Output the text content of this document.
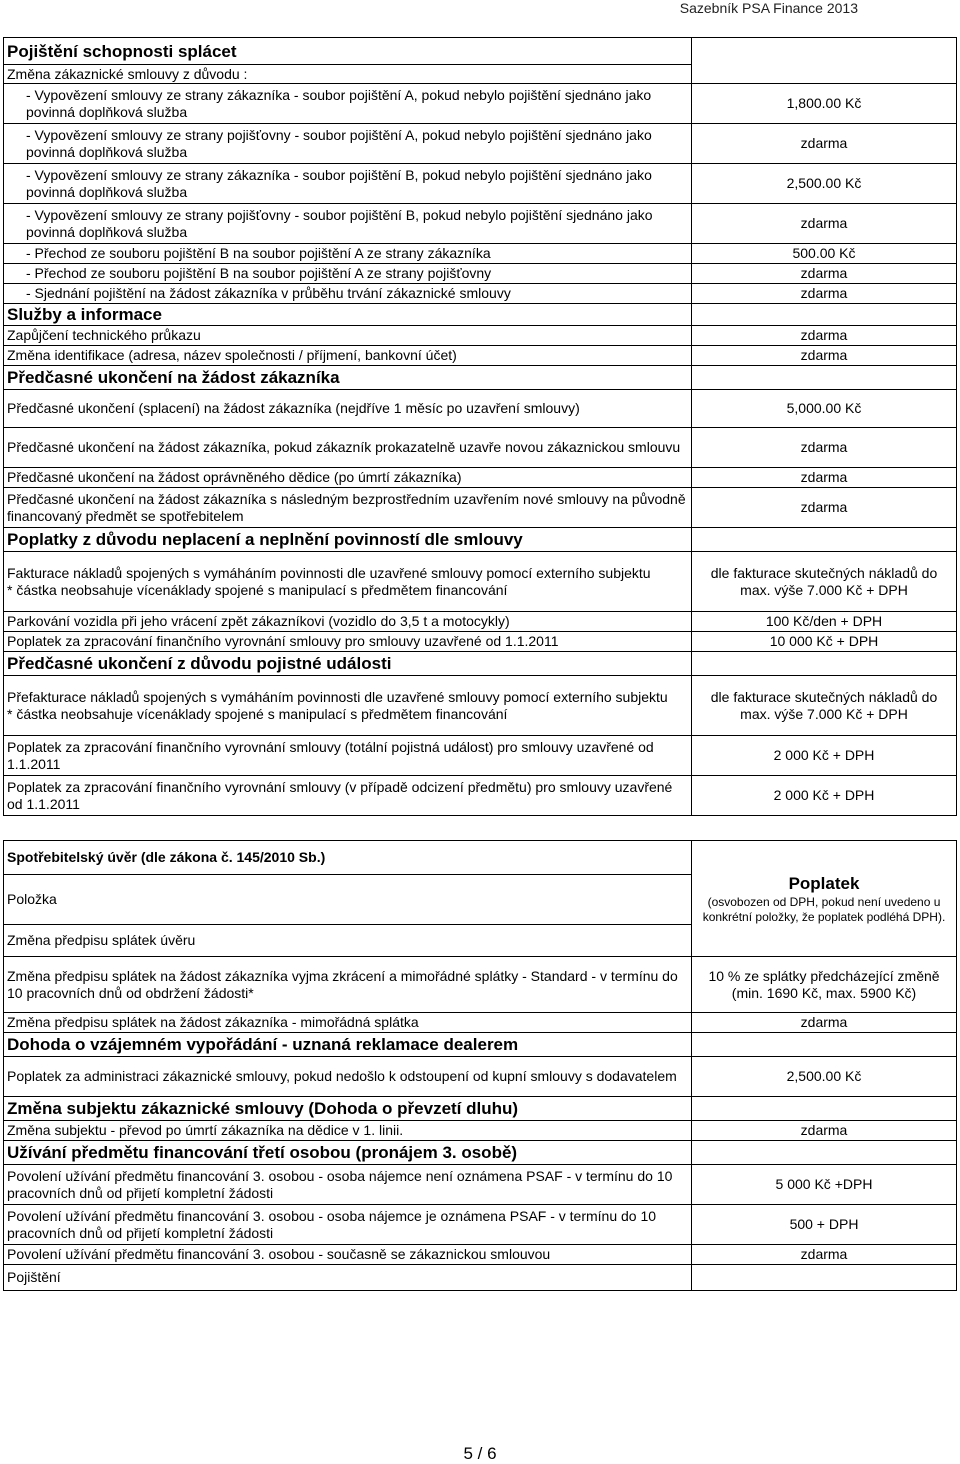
Sazebník PSA Finance 2013
Pojištění schopnosti splácet	
Změna zákaznické smlouvy z důvodu :	
- Vypovězení smlouvy ze strany zákazníka - soubor pojištění A, pokud nebylo pojištění sjednáno jako povinná doplňková služba	1,800.00 Kč
- Vypovězení smlouvy ze strany pojišťovny - soubor pojištění A, pokud nebylo pojištění sjednáno jako povinná doplňková služba	zdarma
- Vypovězení smlouvy ze strany zákazníka - soubor pojištění B, pokud nebylo pojištění sjednáno jako povinná doplňková služba	2,500.00 Kč
- Vypovězení smlouvy ze strany pojišťovny - soubor pojištění B, pokud nebylo pojištění sjednáno jako povinná doplňková služba	zdarma
- Přechod ze souboru pojištění B na soubor pojištění A ze strany zákazníka	500.00 Kč
- Přechod ze souboru pojištění B na soubor pojištění A ze strany pojišťovny	zdarma
- Sjednání pojištění na žádost zákazníka v průběhu trvání zákaznické smlouvy	zdarma
Služby a informace	
Zapůjčení technického průkazu	zdarma
Změna identifikace (adresa, název společnosti / příjmení, bankovní účet)	zdarma
Předčasné ukončení na žádost zákazníka	
Předčasné ukončení (splacení) na žádost zákazníka (nejdříve 1 měsíc po uzavření smlouvy)	5,000.00 Kč
Předčasné ukončení na žádost zákazníka, pokud zákazník prokazatelně uzavře novou zákaznickou smlouvu	zdarma
Předčasné ukončení na žádost oprávněného dědice (po úmrtí zákazníka)	zdarma
Předčasné ukončení na žádost zákazníka s následným bezprostředním uzavřením nové smlouvy na původně financovaný předmět se spotřebitelem	zdarma
Poplatky z důvodu neplacení a neplnění povinností dle smlouvy	

Fakturace nákladů spojených s vymáháním povinnosti dle uzavřené smlouvy pomocí externího subjektu
* částka neobsahuje vícenáklady spojené s manipulací s předmětem financování	dle fakturace skutečných nákladů do max. výše 7.000 Kč + DPH
Parkování vozidla při jeho vrácení zpět zákazníkovi (vozidlo do 3,5 t a motocykly)	100 Kč/den + DPH
Poplatek za zpracování finančního vyrovnání smlouvy pro smlouvy uzavřené od 1.1.2011	10 000 Kč + DPH
Předčasné ukončení z důvodu pojistné události	

Přefakturace nákladů spojených s vymáháním povinnosti dle uzavřené smlouvy pomocí externího subjektu
* částka neobsahuje vícenáklady spojené s manipulací s předmětem financování	dle fakturace skutečných nákladů do max. výše 7.000 Kč + DPH
Poplatek za zpracování finančního vyrovnání smlouvy (totální pojistná událost) pro smlouvy uzavřené od 1.1.2011	2 000 Kč + DPH
Poplatek za zpracování finančního vyrovnání smlouvy (v případě odcizení předmětu) pro smlouvy uzavřené od 1.1.2011	2 000 Kč + DPH
Spotřebitelský úvěr (dle zákona č. 145/2010 Sb.)	Poplatek
(osvobozen od DPH, pokud není uvedeno u konkrétní položky, že poplatek podléhá DPH).

Položka	
Změna předpisu splátek úvěru	
Změna předpisu splátek na žádost zákazníka vyjma zkrácení a mimořádné splátky - Standard - v termínu do 10 pracovních dnů od obdržení žádosti*	10 % ze splátky předcházející změně (min. 1690 Kč, max. 5900 Kč)
Změna předpisu splátek na žádost zákazníka - mimořádná splátka	zdarma
Dohoda o vzájemném vypořádání - uznaná reklamace dealerem	
Poplatek za administraci zákaznické smlouvy, pokud nedošlo k odstoupení od kupní smlouvy s dodavatelem	2,500.00 Kč
Změna subjektu zákaznické smlouvy (Dohoda o převzetí dluhu)	
Změna subjektu - převod po úmrtí zákazníka na dědice v 1. linii.	zdarma
Užívání předmětu financování třetí osobou (pronájem 3. osobě)	
Povolení užívání předmětu financování 3. osobou - osoba nájemce není oznámena PSAF - v termínu do 10 pracovních dnů od přijetí kompletní žádosti	5 000 Kč +DPH
Povolení užívání předmětu financování 3. osobou - osoba nájemce je oznámena PSAF - v termínu do 10 pracovních dnů od přijetí kompletní žádosti	500 + DPH
Povolení užívání předmětu financování 3. osobou - současně se zákaznickou smlouvou	zdarma
Pojištění	
5 / 6
